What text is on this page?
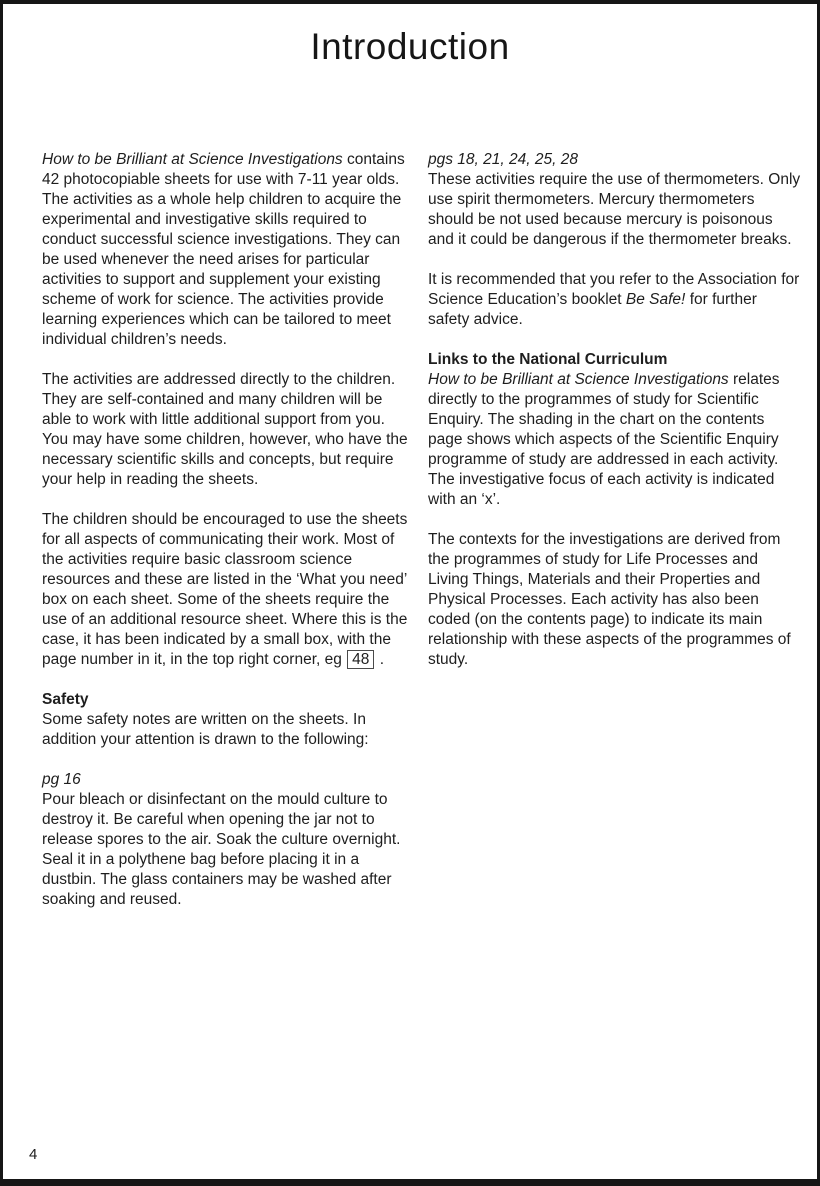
Introduction

How to be Brilliant at Science Investigations contains 42 photocopiable sheets for use with 7-11 year olds. The activities as a whole help children to acquire the experimental and investigative skills required to conduct successful science investigations. They can be used whenever the need arises for particular activities to support and supplement your existing scheme of work for science. The activities provide learning experiences which can be tailored to meet individual children’s needs.

The activities are addressed directly to the children. They are self-contained and many children will be able to work with little additional support from you. You may have some children, however, who have the necessary scientific skills and concepts, but require your help in reading the sheets.

The children should be encouraged to use the sheets for all aspects of communicating their work. Most of the activities require basic classroom science resources and these are listed in the ‘What you need’ box on each sheet. Some of the sheets require the use of an additional resource sheet. Where this is the case, it has been indicated by a small box, with the page number in it, in the top right corner, eg 48 .

Safety
Some safety notes are written on the sheets. In addition your attention is drawn to the following:
pg 16
Pour bleach or disinfectant on the mould culture to destroy it. Be careful when opening the jar not to release spores to the air. Soak the culture overnight. Seal it in a polythene bag before placing it in a dustbin. The glass containers may be washed after soaking and reused.
pgs 18, 21, 24, 25, 28
These activities require the use of thermometers. Only use spirit thermometers. Mercury thermometers should be not used because mercury is poisonous and it could be dangerous if the thermometer breaks.

It is recommended that you refer to the Association for Science Education’s booklet Be Safe! for further safety advice.

Links to the National Curriculum
How to be Brilliant at Science Investigations relates directly to the programmes of study for Scientific Enquiry. The shading in the chart on the contents page shows which aspects of the Scientific Enquiry programme of study are addressed in each activity. The investigative focus of each activity is indicated with an ‘x’.

The contexts for the investigations are derived from the programmes of study for Life Processes and Living Things, Materials and their Properties and Physical Processes. Each activity has also been coded (on the contents page) to indicate its main relationship with these aspects of the programmes of study.

4
